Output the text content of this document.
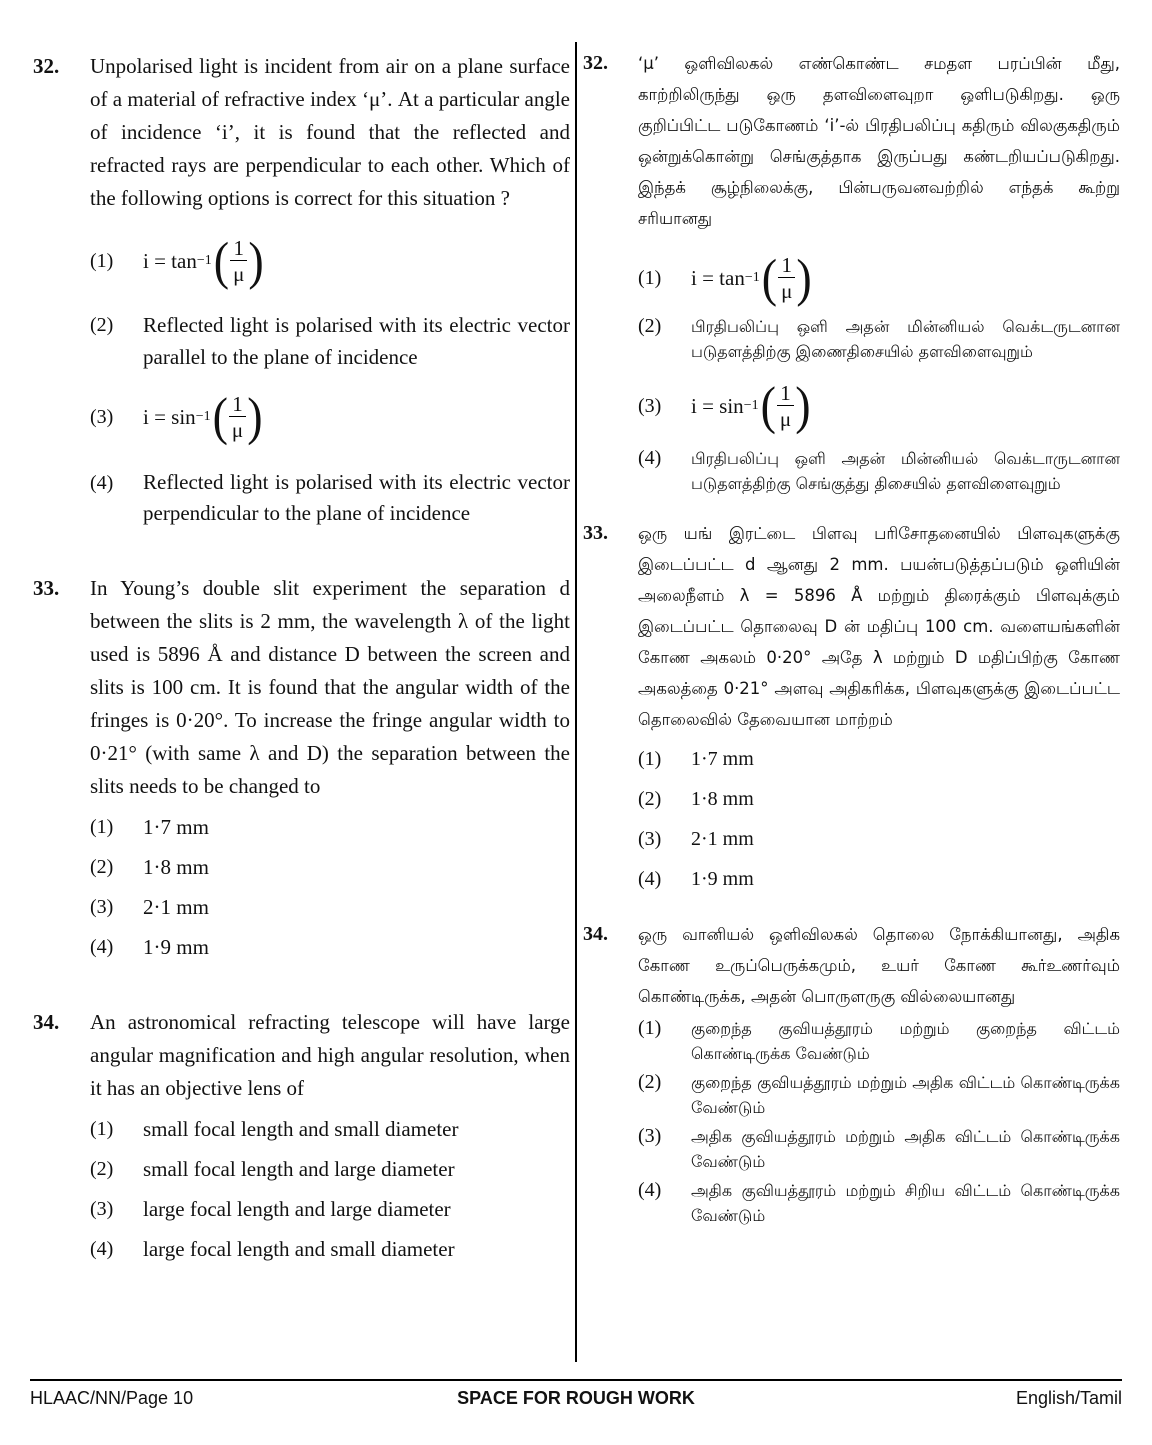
32. Unpolarised light is incident from air on a plane surface of a material of refractive index ‘μ’. At a particular angle of incidence ‘i’, it is found that the reflected and refracted rays are perpendicular to each other. Which of the following options is correct for this situation ?
(1) i = tan −1 ( $\frac{1}{\mu}$ )
(2) Reflected light is polarised with its electric vector parallel to the plane of incidence
(3) i = sin −1 ( $\frac{1}{\mu}$ )
(4) Reflected light is polarised with its electric vector perpendicular to the plane of incidence
33. In Young’s double slit experiment the separation d between the slits is 2 mm, the wavelength λ of the light used is 5896 Å and distance D between the screen and slits is 100 cm. It is found that the angular width of the fringes is 0·20°. To increase the fringe angular width to 0·21° (with same λ and D) the separation between the slits needs to be changed to
(1) 1·7 mm
(2) 1·8 mm
(3) 2·1 mm
(4) 1·9 mm
34. An astronomical refracting telescope will have large angular magnification and high angular resolution, when it has an objective lens of
(1) small focal length and small diameter
(2) small focal length and large diameter
(3) large focal length and large diameter
(4) large focal length and small diameter
32. ‘μ’ ஒளிவிலகல் எண்கொண்ட சமதள பரப்பின் மீது, காற்றிலிருந்து ஒரு தளவிளைவுறா ஒளிபடுகிறது. ஒரு குறிப்பிட்ட படுகோணம் ‘i’-ல் பிரதிபலிப்பு கதிரும் விலகுகதிரும் ஒன்றுக்கொன்று செங்குத்தாக இருப்பது கண்டறியப்படுகிறது. இந்தக் சூழ்நிலைக்கு, பின்பருவனவற்றில் எந்தக் கூற்று சரியானது
(1) i = tan −1 ( $\frac{1}{\mu}$ )
(2) பிரதிபலிப்பு ஒளி அதன் மின்னியல் வெக்டருடனான படுதளத்திற்கு இணைதிசையில் தளவிளைவுறும்
(3) i = sin −1 ( $\frac{1}{\mu}$ )
(4) பிரதிபலிப்பு ஒளி அதன் மின்னியல் வெக்டாருடனான படுதளத்திற்கு செங்குத்து திசையில் தளவிளைவுறும்
33. ஒரு யங் இரட்டை பிளவு பரிசோதனையில் பிளவுகளுக்கு இடைப்பட்ட d ஆனது 2 mm. பயன்படுத்தப்படும் ஒளியின் அலைநீளம் λ = 5896 Å மற்றும் திரைக்கும் பிளவுக்கும் இடைப்பட்ட தொலைவு D ன் மதிப்பு 100 cm. வளையங்களின் கோண அகலம் 0·20° அதே λ மற்றும் D மதிப்பிற்கு கோண அகலத்தை 0·21° அளவு அதிகரிக்க, பிளவுகளுக்கு இடைப்பட்ட தொலைவில் தேவையான மாற்றம்
(1) 1·7 mm
(2) 1·8 mm
(3) 2·1 mm
(4) 1·9 mm
34. ஒரு வானியல் ஒளிவிலகல் தொலை நோக்கியானது, அதிக கோண உருப்பெருக்கமும், உயர் கோண கூர்உணர்வும் கொண்டிருக்க, அதன் பொருளருகு வில்லையானது
(1) குறைந்த குவியத்தூரம் மற்றும் குறைந்த விட்டம் கொண்டிருக்க வேண்டும்
(2) குறைந்த குவியத்தூரம் மற்றும் அதிக விட்டம் கொண்டிருக்க வேண்டும்
(3) அதிக குவியத்தூரம் மற்றும் அதிக விட்டம் கொண்டிருக்க வேண்டும்
(4) அதிக குவியத்தூரம் மற்றும் சிறிய விட்டம் கொண்டிருக்க வேண்டும்
HLAAC/NN/Page 10	SPACE FOR ROUGH WORK	English/Tamil
